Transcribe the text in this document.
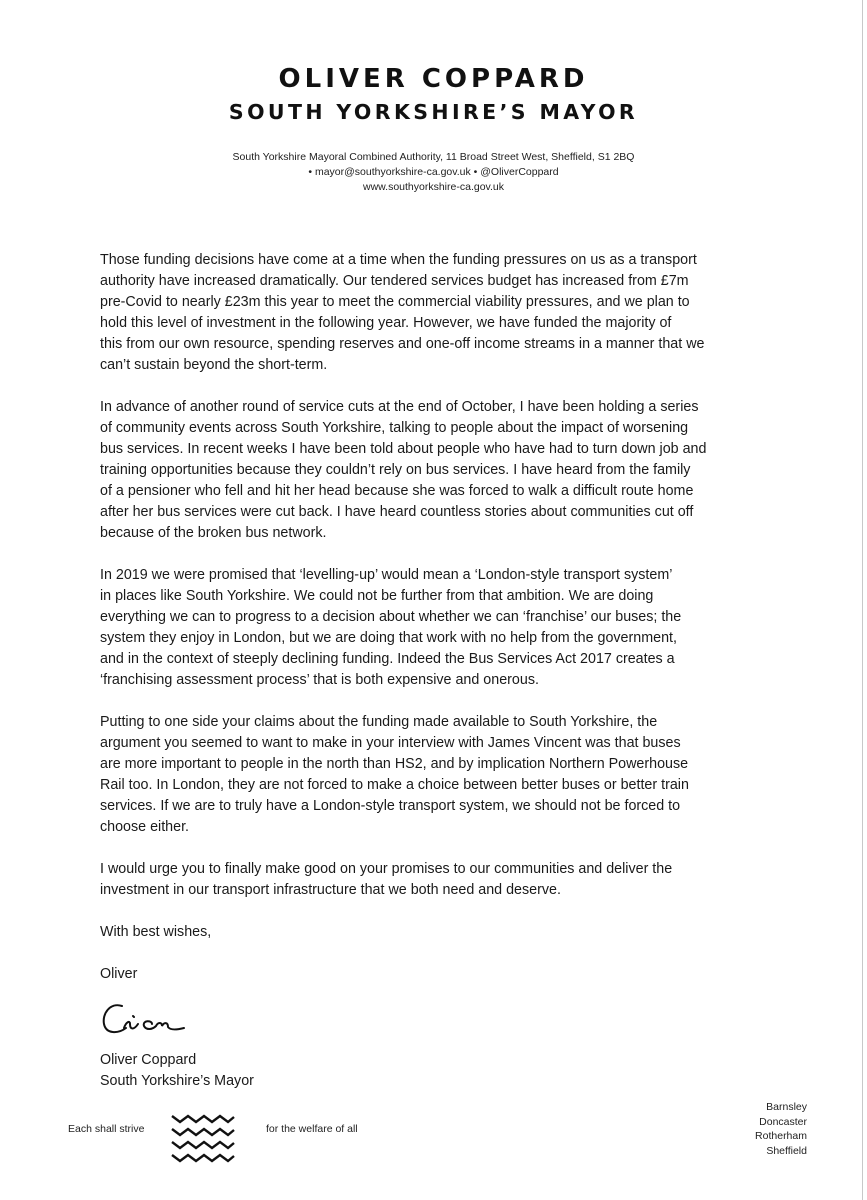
OLIVER COPPARD
SOUTH YORKSHIRE’S MAYOR
South Yorkshire Mayoral Combined Authority, 11 Broad Street West, Sheffield, S1 2BQ
• mayor@southyorkshire-ca.gov.uk • @OliverCoppard
www.southyorkshire-ca.gov.uk
Those funding decisions have come at a time when the funding pressures on us as a transport
authority have increased dramatically. Our tendered services budget has increased from £7m
pre-Covid to nearly £23m this year to meet the commercial viability pressures, and we plan to
hold this level of investment in the following year. However, we have funded the majority of
this from our own resource, spending reserves and one-off income streams in a manner that we
can’t sustain beyond the short-term.
In advance of another round of service cuts at the end of October, I have been holding a series
of community events across South Yorkshire, talking to people about the impact of worsening
bus services. In recent weeks I have been told about people who have had to turn down job and
training opportunities because they couldn’t rely on bus services. I have heard from the family
of a pensioner who fell and hit her head because she was forced to walk a difficult route home
after her bus services were cut back. I have heard countless stories about communities cut off
because of the broken bus network.
In 2019 we were promised that ‘levelling-up’ would mean a ‘London-style transport system’
in places like South Yorkshire. We could not be further from that ambition. We are doing
everything we can to progress to a decision about whether we can ‘franchise’ our buses; the
system they enjoy in London, but we are doing that work with no help from the government,
and in the context of steeply declining funding. Indeed the Bus Services Act 2017 creates a
‘franchising assessment process’ that is both expensive and onerous.
Putting to one side your claims about the funding made available to South Yorkshire, the
argument you seemed to want to make in your interview with James Vincent was that buses
are more important to people in the north than HS2, and by implication Northern Powerhouse
Rail too. In London, they are not forced to make a choice between better buses or better train
services. If we are to truly have a London-style transport system, we should not be forced to
choose either.
I would urge you to finally make good on your promises to our communities and deliver the
investment in our transport infrastructure that we both need and deserve.
With best wishes,
Oliver
Oliver Coppard
South Yorkshire’s Mayor
Each shall strive	for the welfare of all
Barnsley
Doncaster
Rotherham
Sheffield
